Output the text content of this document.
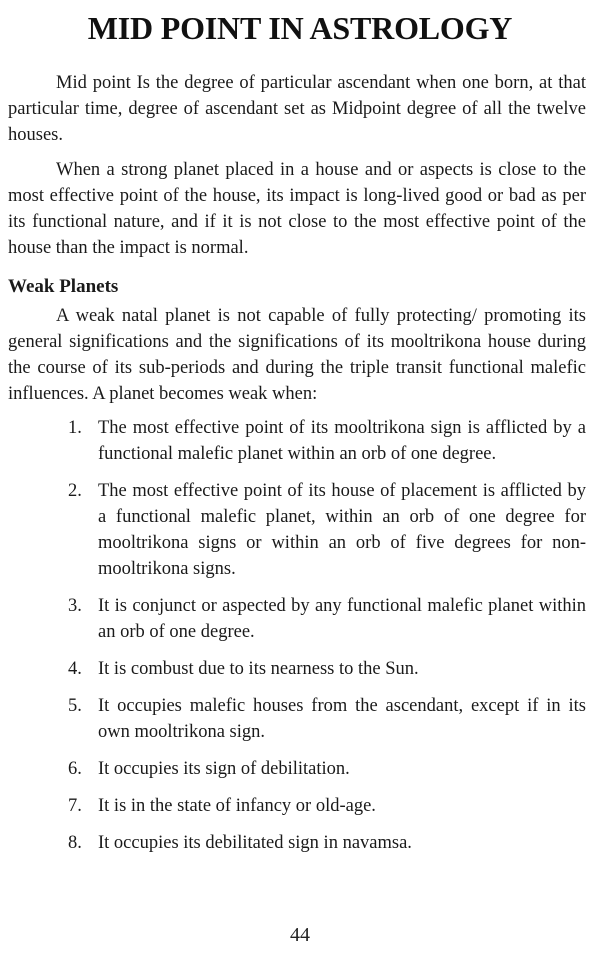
MID POINT IN ASTROLOGY

Mid point Is the degree of particular ascendant when one born, at that particular time, degree of ascendant set as Midpoint degree of all the twelve houses.

When a strong planet placed in a house and or aspects is close to the most effective point of the house, its impact is long-lived good or bad as per its functional nature, and if it is not close to the most effective point of the house than the impact is normal.

Weak Planets

A weak natal planet is not capable of fully protecting/ promoting its general significations and the significations of its mooltrikona house during the course of its sub-periods and during the triple transit functional malefic influences. A planet becomes weak when:

1. The most effective point of its mooltrikona sign is afflicted by a functional malefic planet within an orb of one degree.
2. The most effective point of its house of placement is afflicted by a functional malefic planet, within an orb of one degree for mooltrikona signs or within an orb of five degrees for non-mooltrikona signs.
3. It is conjunct or aspected by any functional malefic planet within an orb of one degree.
4. It is combust due to its nearness to the Sun.
5. It occupies malefic houses from the ascendant, except if in its own mooltrikona sign.
6. It occupies its sign of debilitation.
7. It is in the state of infancy or old-age.
8. It occupies its debilitated sign in navamsa.
44
